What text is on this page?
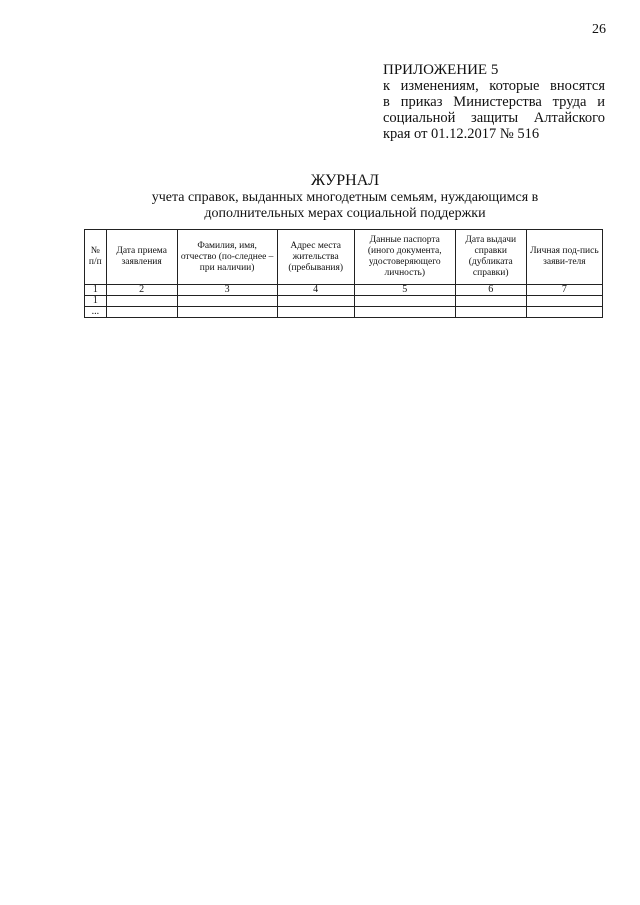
26
ПРИЛОЖЕНИЕ 5
к изменениям, которые вносятся
в приказ Министерства труда и
социальной защиты Алтайского
края от 01.12.2017 № 516
ЖУРНАЛ
учета справок, выданных многодетным семьям, нуждающимся в
дополнительных мерах социальной поддержки
№ п/п	Дата приема заявления	Фамилия, имя, отчество (по-следнее – при наличии)	Адрес места жительства (пребывания)	Данные паспорта (иного документа, удостоверяющего личность)	Дата выдачи справки (дубликата справки)	Личная под-пись заяви-теля
1	2	3	4	5	6	7
1						
...						
